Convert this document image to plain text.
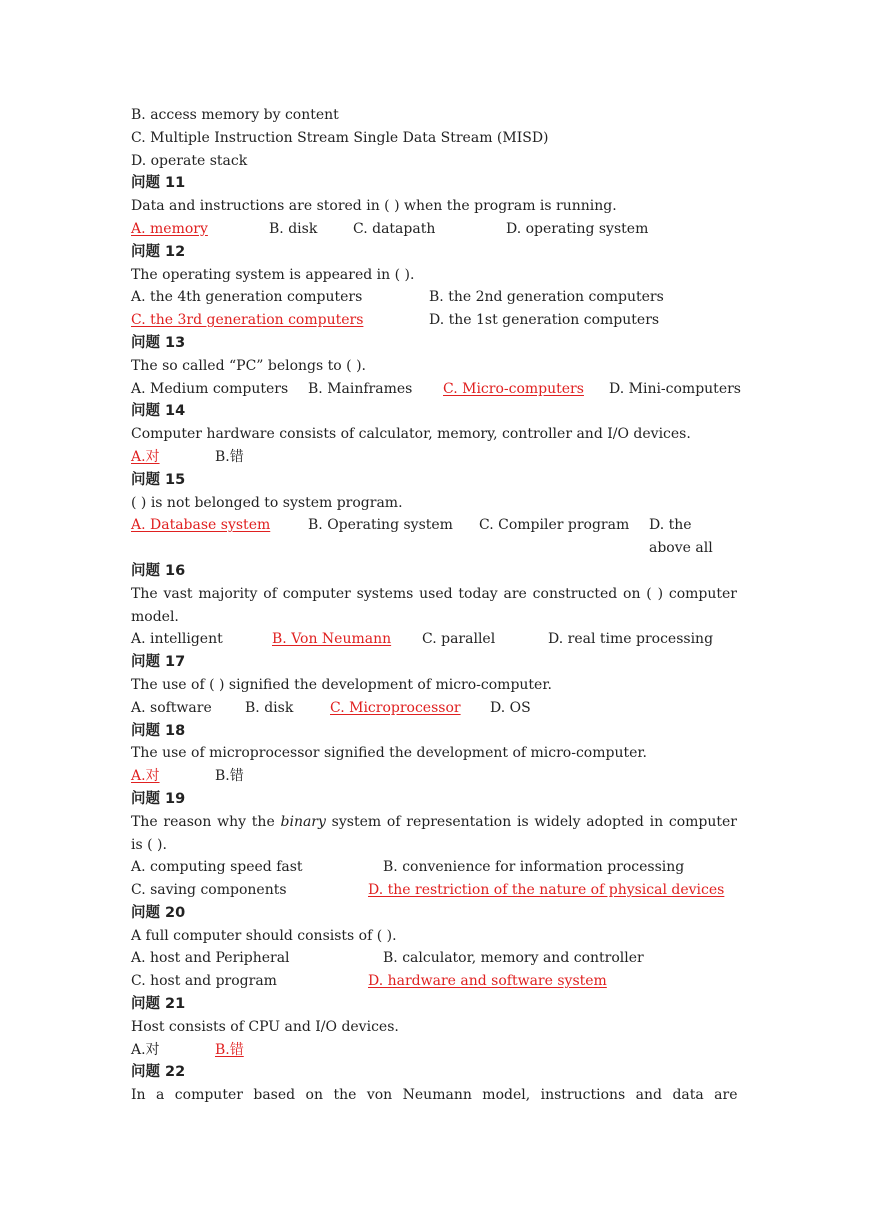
B. access memory by content
C. Multiple Instruction Stream Single Data Stream (MISD)
D. operate stack
问题 11
Data and instructions are stored in ( ) when the program is running.
A. memory	B. disk	C. datapath	D. operating system
问题 12
The operating system is appeared in ( ).
A. the 4th generation computers	B. the 2nd generation computers
C. the 3rd generation computers	D. the 1st generation computers
问题 13
The so called “PC” belongs to ( ).
A. Medium computers B. Mainframes C. Micro-computers D. Mini-computers
问题 14
Computer hardware consists of calculator, memory, controller and I/O devices.
A.对	B.错
问题 15
( ) is not belonged to system program.
A. Database system	B. Operating system C. Compiler program D. the above all
问题 16
The vast majority of computer systems used today are constructed on ( ) computer model.
A. intelligent	B. Von Neumann C. parallel	D. real time processing
问题 17
The use of ( ) signified the development of micro-computer.
A. software B. disk	C. Microprocessor D. OS
问题 18
The use of microprocessor signified the development of micro-computer.
A.对	B.错
问题 19
The reason why the binary system of representation is widely adopted in computer is ( ).
A. computing speed fast	B. convenience for information processing
C. saving components	D. the restriction of the nature of physical devices
问题 20
A full computer should consists of ( ).
A. host and Peripheral	B. calculator, memory and controller
C. host and program	D. hardware and software system
问题 21
Host consists of CPU and I/O devices.
A.对	B.错
问题 22
In a computer based on the von Neumann model, instructions and data are
